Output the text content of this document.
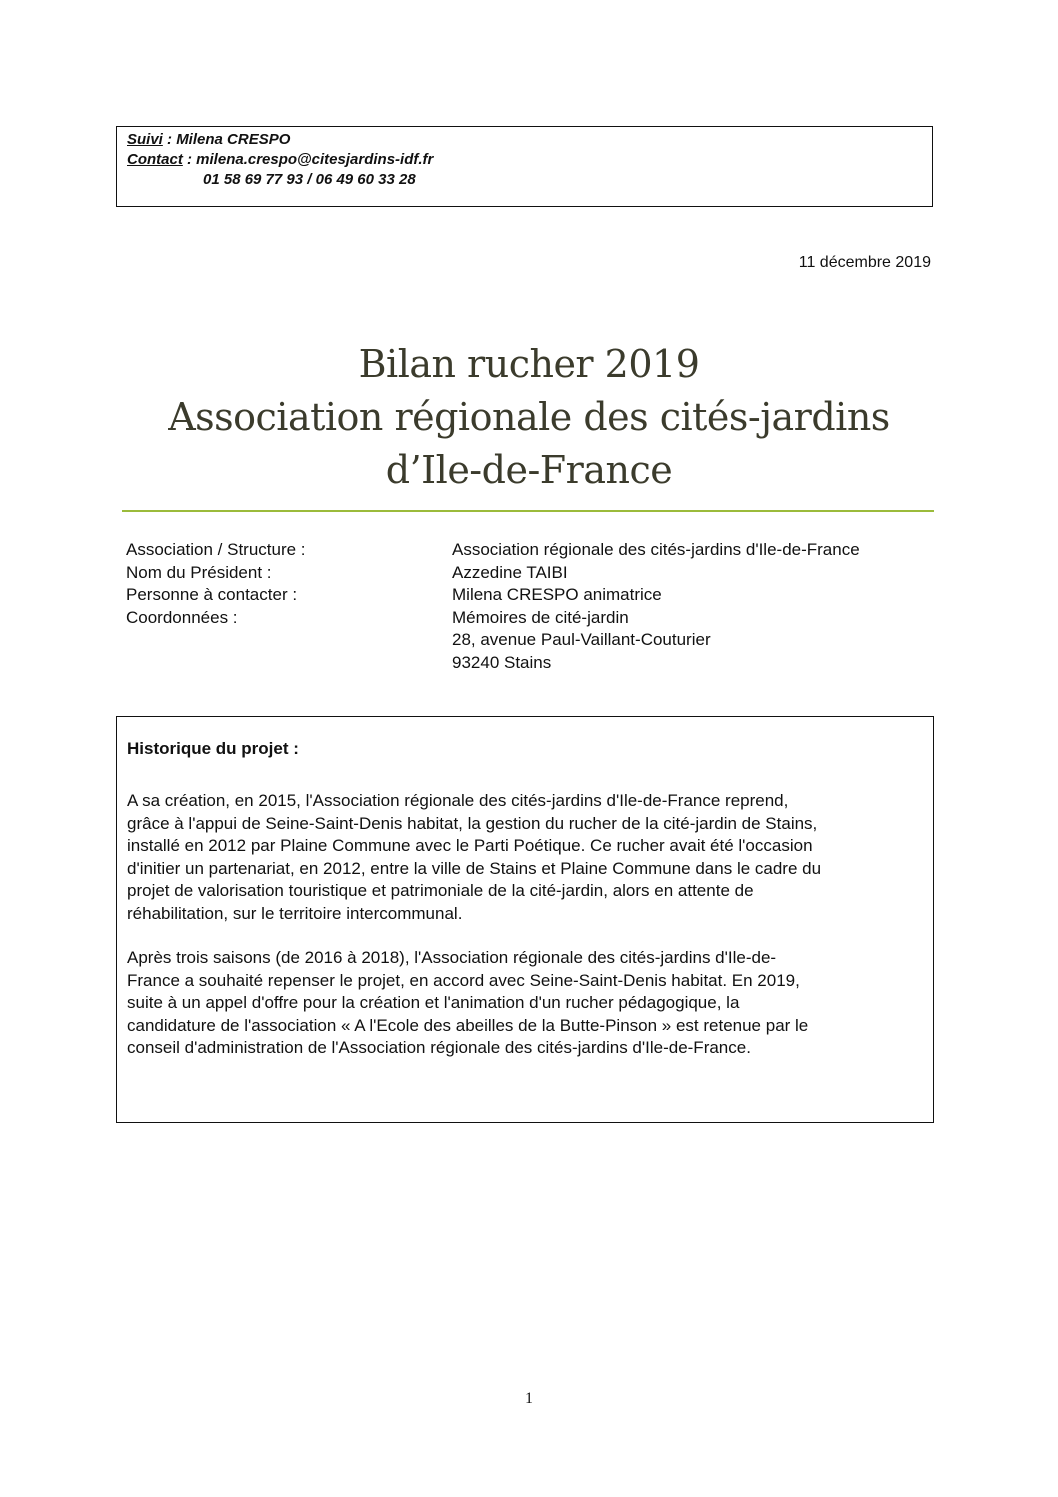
Suivi : Milena CRESPO
Contact : milena.crespo@citesjardins-idf.fr
01 58 69 77 93 / 06 49 60 33 28
11 décembre 2019
Bilan rucher 2019
Association régionale des cités-jardins
d’Ile-de-France
Association / Structure :	Association régionale des cités-jardins d'Ile-de-France
Nom du Président :	Azzedine TAIBI
Personne à contacter :	Milena CRESPO animatrice
Coordonnées :	Mémoires de cité-jardin
28, avenue Paul-Vaillant-Couturier
93240 Stains
Historique du projet :
A sa création, en 2015, l'Association régionale des cités-jardins d'Ile-de-France reprend,
grâce à l'appui de Seine-Saint-Denis habitat, la gestion du rucher de la cité-jardin de Stains,
installé en 2012 par Plaine Commune avec le Parti Poétique. Ce rucher avait été l'occasion
d'initier un partenariat, en 2012, entre la ville de Stains et Plaine Commune dans le cadre du
projet de valorisation touristique et patrimoniale de la cité-jardin, alors en attente de
réhabilitation, sur le territoire intercommunal.
Après trois saisons (de 2016 à 2018), l'Association régionale des cités-jardins d'Ile-de-
France a souhaité repenser le projet, en accord avec Seine-Saint-Denis habitat. En 2019,
suite à un appel d'offre pour la création et l'animation d'un rucher pédagogique, la
candidature de l'association « A l'Ecole des abeilles de la Butte-Pinson » est retenue par le
conseil d'administration de l'Association régionale des cités-jardins d'Ile-de-France.
1
